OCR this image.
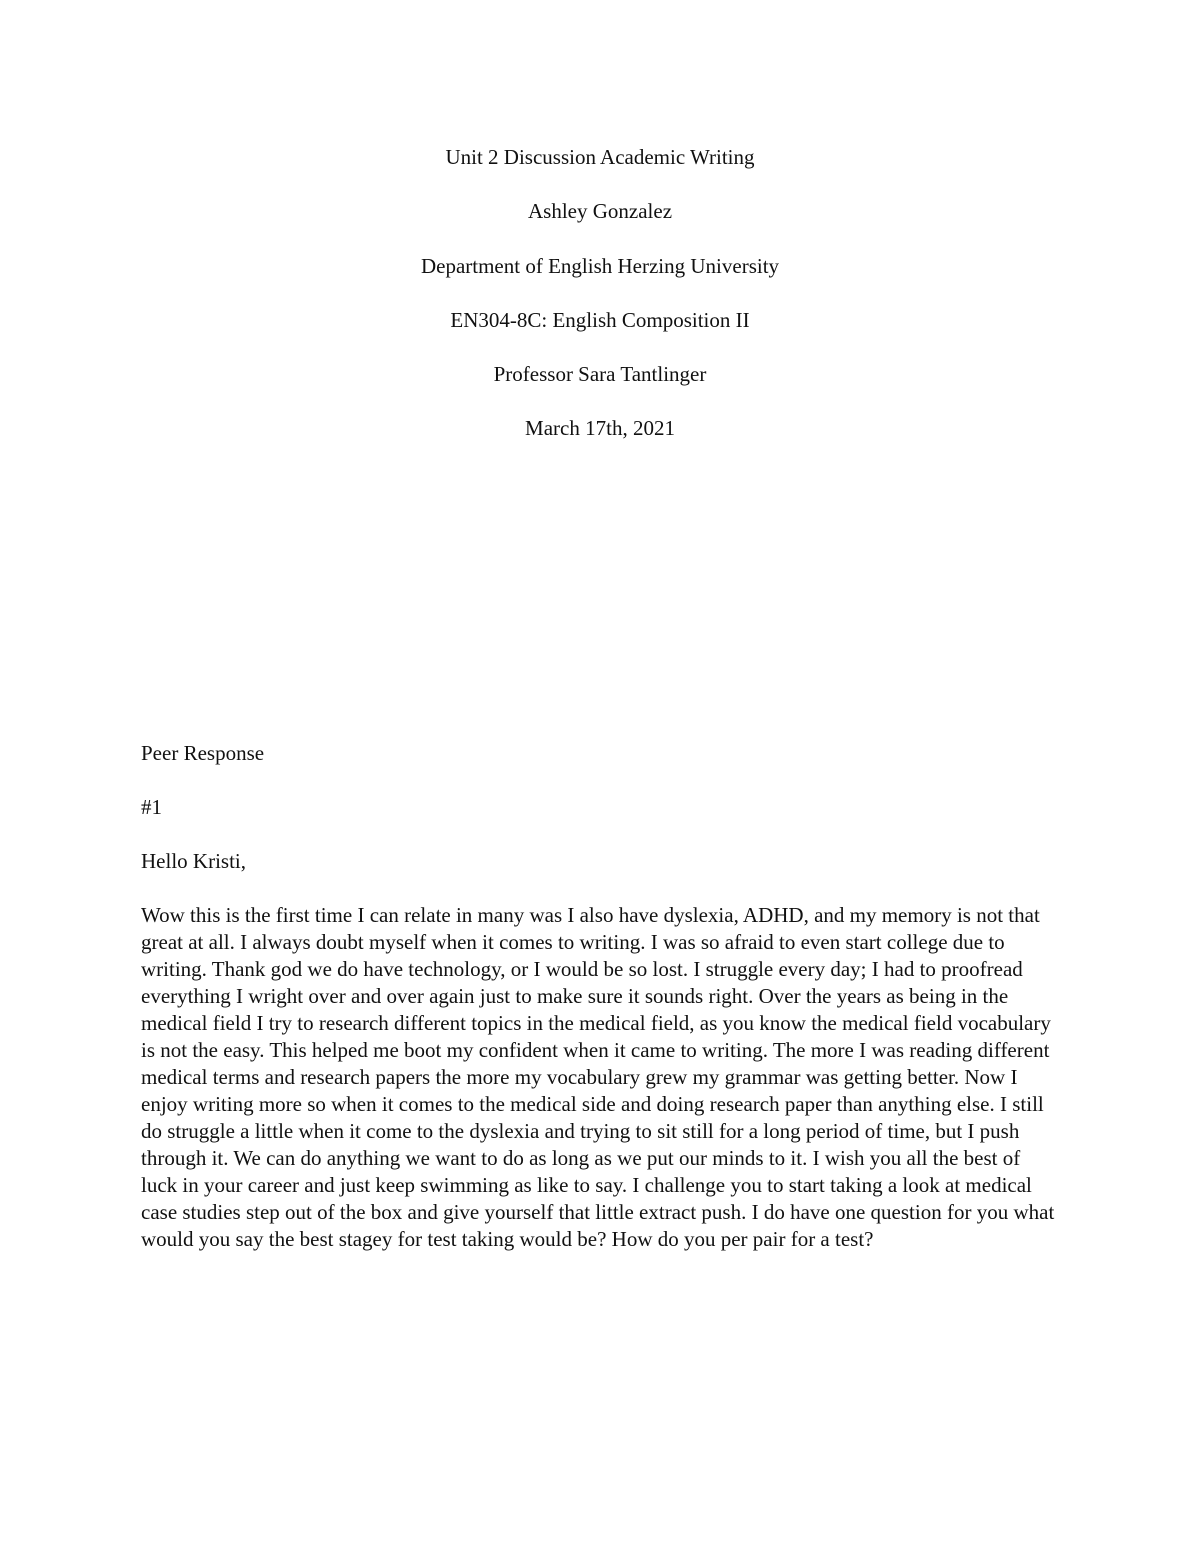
Unit 2 Discussion Academic Writing
Ashley Gonzalez
Department of English Herzing University
EN304-8C: English Composition II
Professor Sara Tantlinger
March 17th, 2021
Peer Response
#1
Hello Kristi,
Wow this is the first time I can relate in many was I also have dyslexia, ADHD, and my memory is not that great at all. I always doubt myself when it comes to writing. I was so afraid to even start college due to writing. Thank god we do have technology, or I would be so lost. I struggle every day; I had to proofread everything I wright over and over again just to make sure it sounds right. Over the years as being in the medical field I try to research different topics in the medical field, as you know the medical field vocabulary is not the easy. This helped me boot my confident when it came to writing. The more I was reading different medical terms and research papers the more my vocabulary grew my grammar was getting better. Now I enjoy writing more so when it comes to the medical side and doing research paper than anything else. I still do struggle a little when it come to the dyslexia and trying to sit still for a long period of time, but I push through it. We can do anything we want to do as long as we put our minds to it. I wish you all the best of luck in your career and just keep swimming as like to say. I challenge you to start taking a look at medical case studies step out of the box and give yourself that little extract push. I do have one question for you what would you say the best stagey for test taking would be? How do you per pair for a test?
